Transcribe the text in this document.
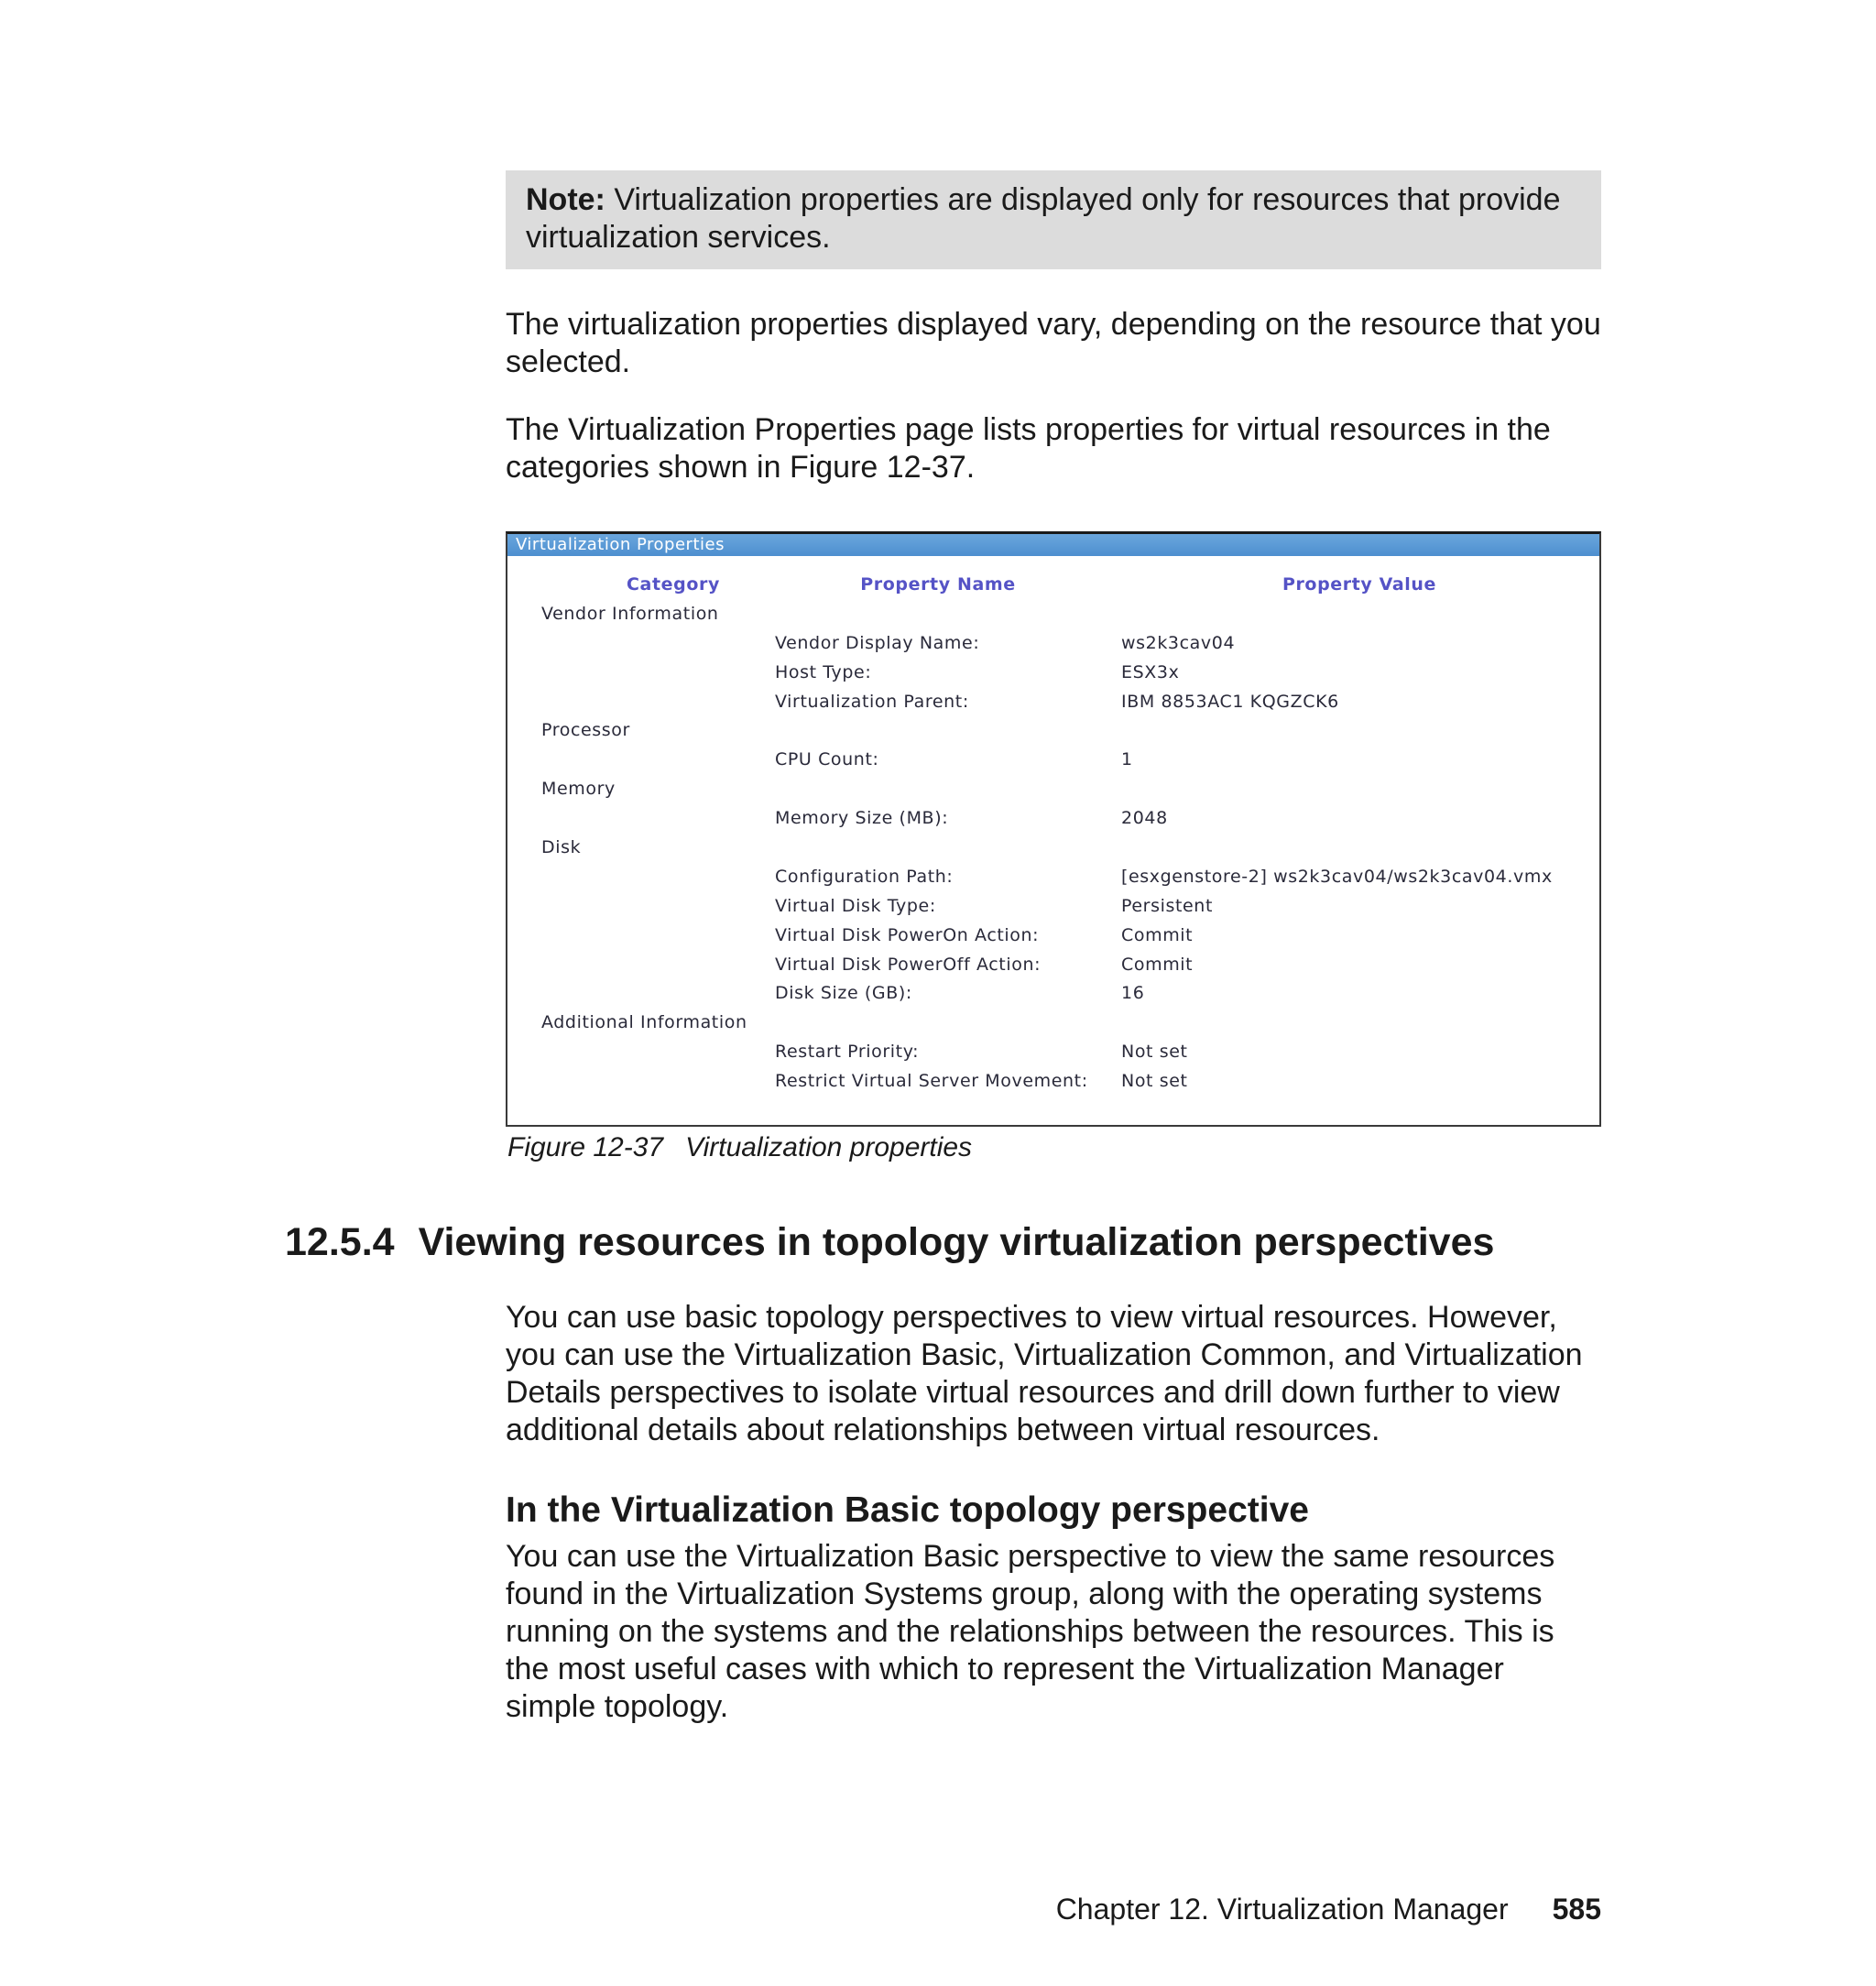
Note: Virtualization properties are displayed only for resources that provide virtualization services.

The virtualization properties displayed vary, depending on the resource that you selected.

The Virtualization Properties page lists properties for virtual resources in the categories shown in Figure 12-37.

Virtualization Properties
Category	Property Name	Property Value
Vendor Information
Vendor Display Name:	ws2k3cav04
Host Type:	ESX3x
Virtualization Parent:	IBM 8853AC1 KQGZCK6
Processor
CPU Count:	1
Memory
Memory Size (MB):	2048
Disk
Configuration Path:	[esxgenstore-2] ws2k3cav04/ws2k3cav04.vmx
Virtual Disk Type:	Persistent
Virtual Disk PowerOn Action:	Commit
Virtual Disk PowerOff Action:	Commit
Disk Size (GB):	16
Additional Information
Restart Priority:	Not set
Restrict Virtual Server Movement: Not set
Figure 12-37 Virtualization properties
12.5.4 Viewing resources in topology virtualization perspectives

You can use basic topology perspectives to view virtual resources. However, you can use the Virtualization Basic, Virtualization Common, and Virtualization Details perspectives to isolate virtual resources and drill down further to view additional details about relationships between virtual resources.

In the Virtualization Basic topology perspective

You can use the Virtualization Basic perspective to view the same resources found in the Virtualization Systems group, along with the operating systems running on the systems and the relationships between the resources. This is the most useful cases with which to represent the Virtualization Manager simple topology.

Chapter 12. Virtualization Manager 585
